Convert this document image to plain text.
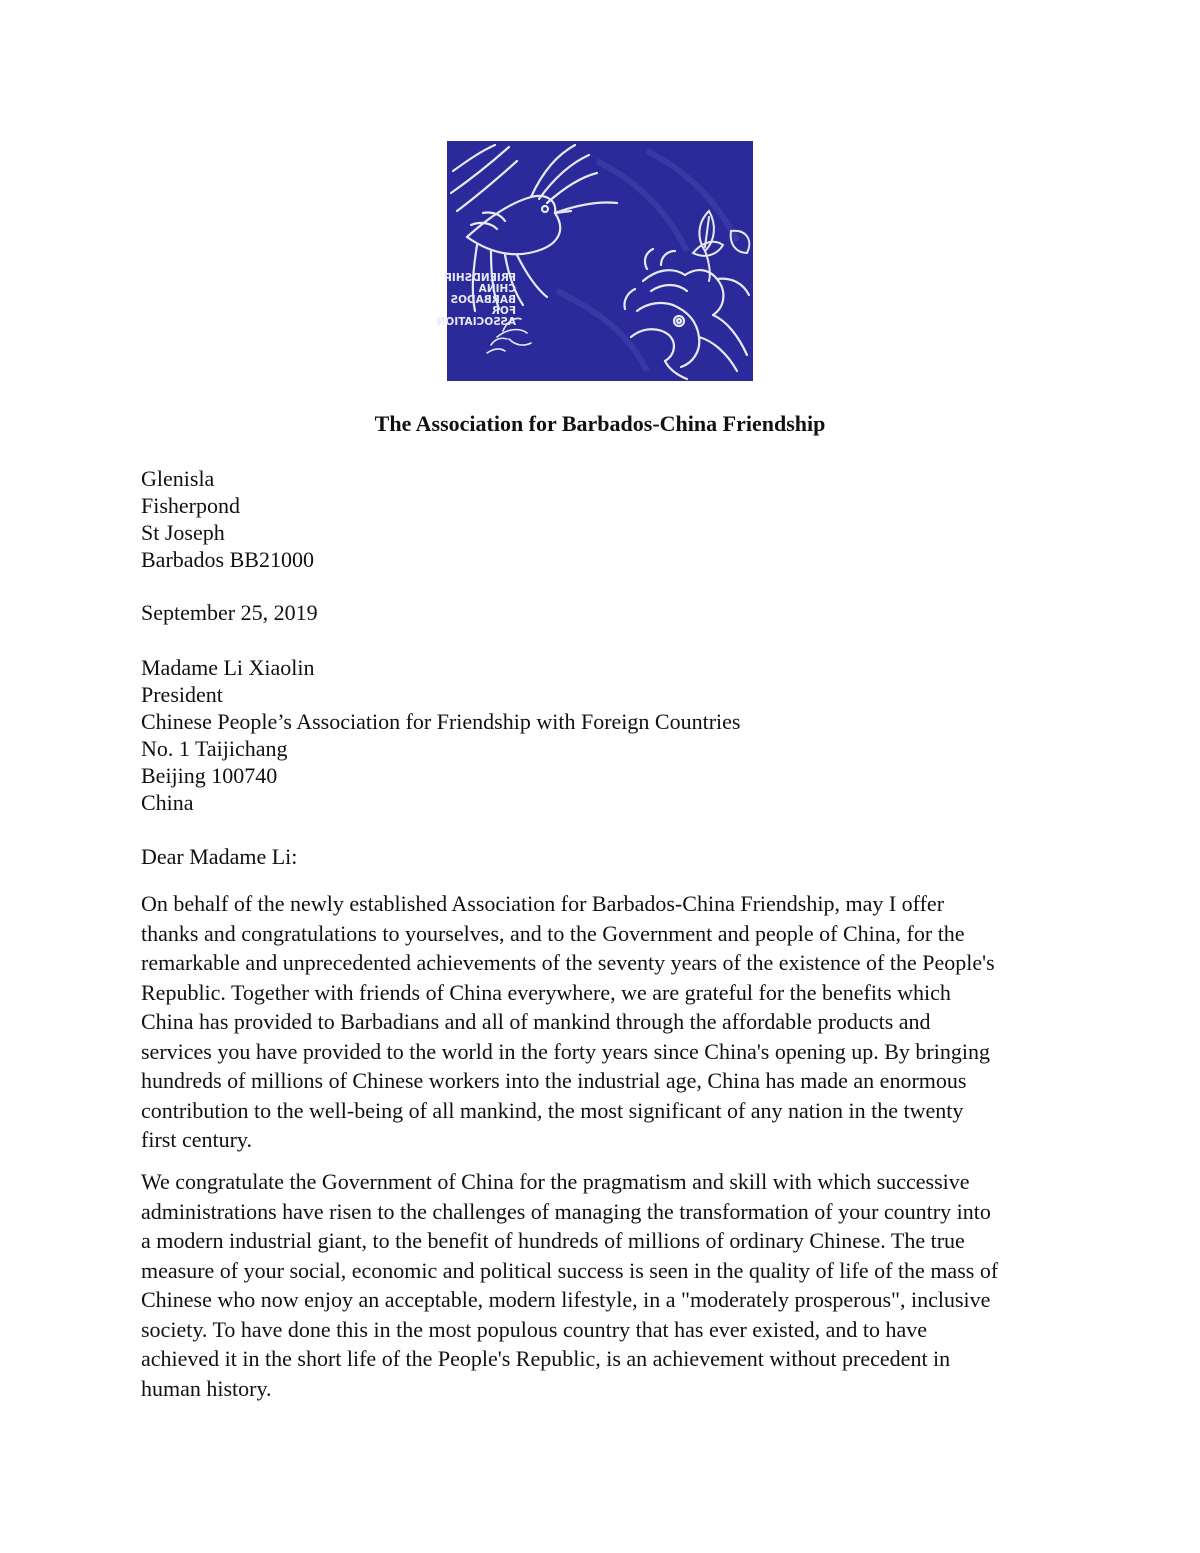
FRIENDSHIP
CHINA
BARBADOS
FOR
ASSOCIATION
The Association for Barbados-China Friendship
Glenisla
Fisherpond
St Joseph
Barbados BB21000
September 25, 2019
Madame Li Xiaolin
President
Chinese People’s Association for Friendship with Foreign Countries
No. 1 Taijichang
Beijing 100740
China
Dear Madame Li:
On behalf of the newly established Association for Barbados-China Friendship, may I offer
thanks and congratulations to yourselves, and to the Government and people of China, for the
remarkable and unprecedented achievements of the seventy years of the existence of the People's
Republic. Together with friends of China everywhere, we are grateful for the benefits which
China has provided to Barbadians and all of mankind through the affordable products and
services you have provided to the world in the forty years since China's opening up. By bringing
hundreds of millions of Chinese workers into the industrial age, China has made an enormous
contribution to the well-being of all mankind, the most significant of any nation in the twenty
first century.
We congratulate the Government of China for the pragmatism and skill with which successive
administrations have risen to the challenges of managing the transformation of your country into
a modern industrial giant, to the benefit of hundreds of millions of ordinary Chinese. The true
measure of your social, economic and political success is seen in the quality of life of the mass of
Chinese who now enjoy an acceptable, modern lifestyle, in a "moderately prosperous", inclusive
society. To have done this in the most populous country that has ever existed, and to have
achieved it in the short life of the People's Republic, is an achievement without precedent in
human history.
